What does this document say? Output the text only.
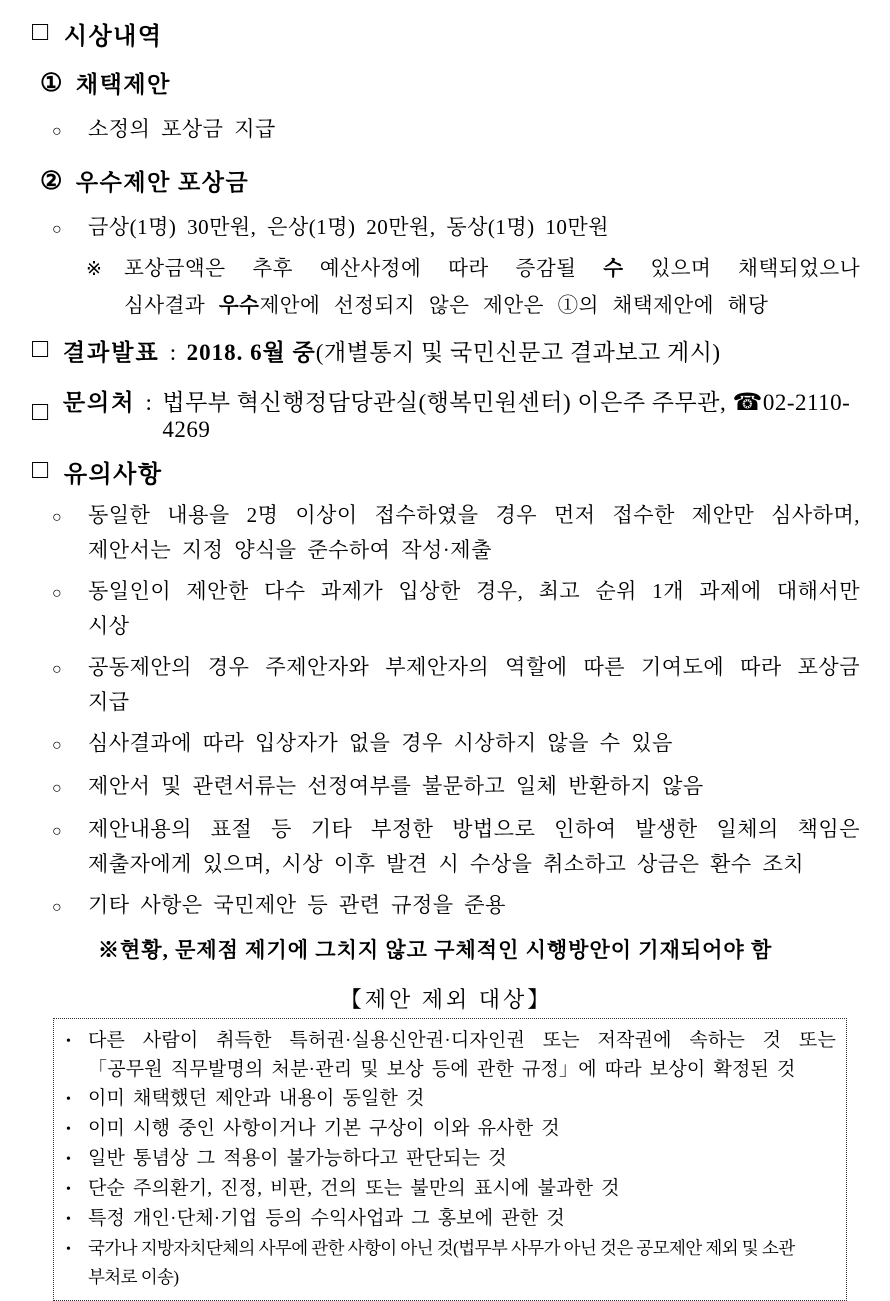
□ 시상내역
① 채택제안
○	소정의 포상금 지급
② 우수제안 포상금
○	금상(1명) 30만원, 은상(1명) 20만원, 동상(1명) 10만원
※	포상금액은 추후 예산사정에 따라 증감될 수 있으며 채택되었으나 심사결과 우수제안에 선정되지 않은 제안은 ①의 채택제안에 해당
□ 결과발표 : 2018. 6월 중(개별통지 및 국민신문고 결과보고 게시)
□ 문의처 : 법무부 혁신행정담당관실(행복민원센터) 이은주 주무관, ☎02-2110-4269
□ 유의사항
○	동일한 내용을 2명 이상이 접수하였을 경우 먼저 접수한 제안만 심사하며, 제안서는 지정 양식을 준수하여 작성·제출
○	동일인이 제안한 다수 과제가 입상한 경우, 최고 순위 1개 과제에 대해서만 시상
○	공동제안의 경우 주제안자와 부제안자의 역할에 따른 기여도에 따라 포상금 지급
○	심사결과에 따라 입상자가 없을 경우 시상하지 않을 수 있음
○	제안서 및 관련서류는 선정여부를 불문하고 일체 반환하지 않음
○	제안내용의 표절 등 기타 부정한 방법으로 인하여 발생한 일체의 책임은 제출자에게 있으며, 시상 이후 발견 시 수상을 취소하고 상금은 환수 조치
○	기타 사항은 국민제안 등 관련 규정을 준용
※현황, 문제점 제기에 그치지 않고 구체적인 시행방안이 기재되어야 함
【제안 제외 대상】
• 다른 사람이 취득한 특허권·실용신안권·디자인권 또는 저작권에 속하는 것 또는 「공무원 직무발명의 처분·관리 및 보상 등에 관한 규정」에 따라 보상이 확정된 것
• 이미 채택했던 제안과 내용이 동일한 것
• 이미 시행 중인 사항이거나 기본 구상이 이와 유사한 것
• 일반 통념상 그 적용이 불가능하다고 판단되는 것
• 단순 주의환기, 진정, 비판, 건의 또는 불만의 표시에 불과한 것
• 특정 개인·단체·기업 등의 수익사업과 그 홍보에 관한 것
•	국가나 지방자치단체의 사무에 관한 사항이 아닌 것(법무부 사무가 아닌 것은 공모제안 제외 및 소관 부처로 이송)
